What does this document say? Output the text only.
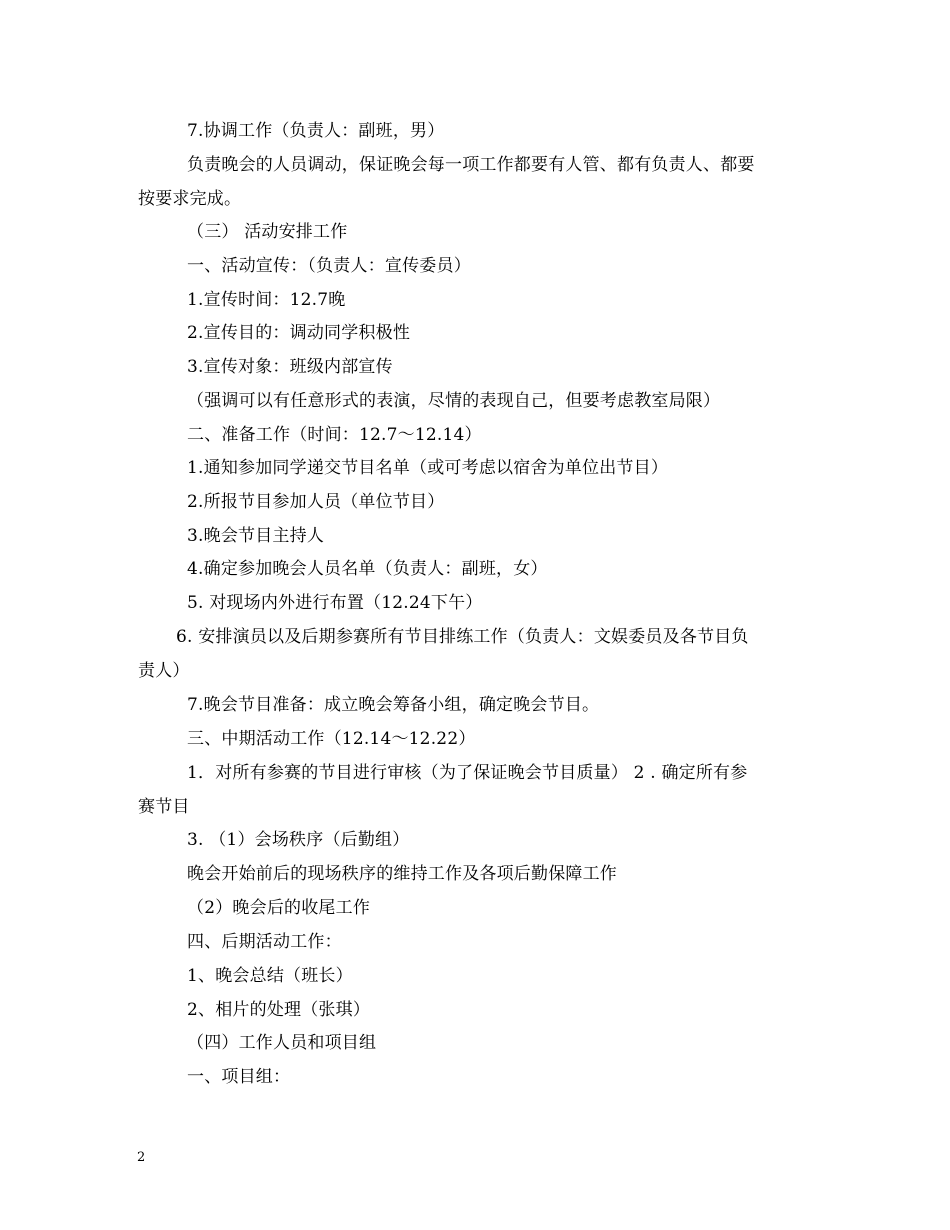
7.协调工作（负责人：副班，男）
负责晚会的人员调动，保证晚会每一项工作都要有人管、都有负责人、都要
按要求完成。
（三） 活动安排工作
一、活动宣传：（负责人：宣传委员）
1.宣传时间：12.7晚
2.宣传目的：调动同学积极性
3.宣传对象：班级内部宣传
（强调可以有任意形式的表演，尽情的表现自己，但要考虑教室局限）
二、准备工作（时间：12.7～12.14）
1.通知参加同学递交节目名单（或可考虑以宿舍为单位出节目）
2.所报节目参加人员（单位节目）
3.晚会节目主持人
4.确定参加晚会人员名单（负责人：副班，女）
5. 对现场内外进行布置（12.24下午）
6. 安排演员以及后期参赛所有节目排练工作（负责人：文娱委员及各节目负
责人）
7.晚会节目准备：成立晚会筹备小组，确定晚会节目。
三、中期活动工作（12.14～12.22）
1．对所有参赛的节目进行审核（为了保证晚会节目质量） 2 . 确定所有参
赛节目
3. （1）会场秩序（后勤组）
晚会开始前后的现场秩序的维持工作及各项后勤保障工作
（2）晚会后的收尾工作
四、后期活动工作：
1、晚会总结（班长）
2、相片的处理（张琪）
（四）工作人员和项目组
一、项目组：
2
